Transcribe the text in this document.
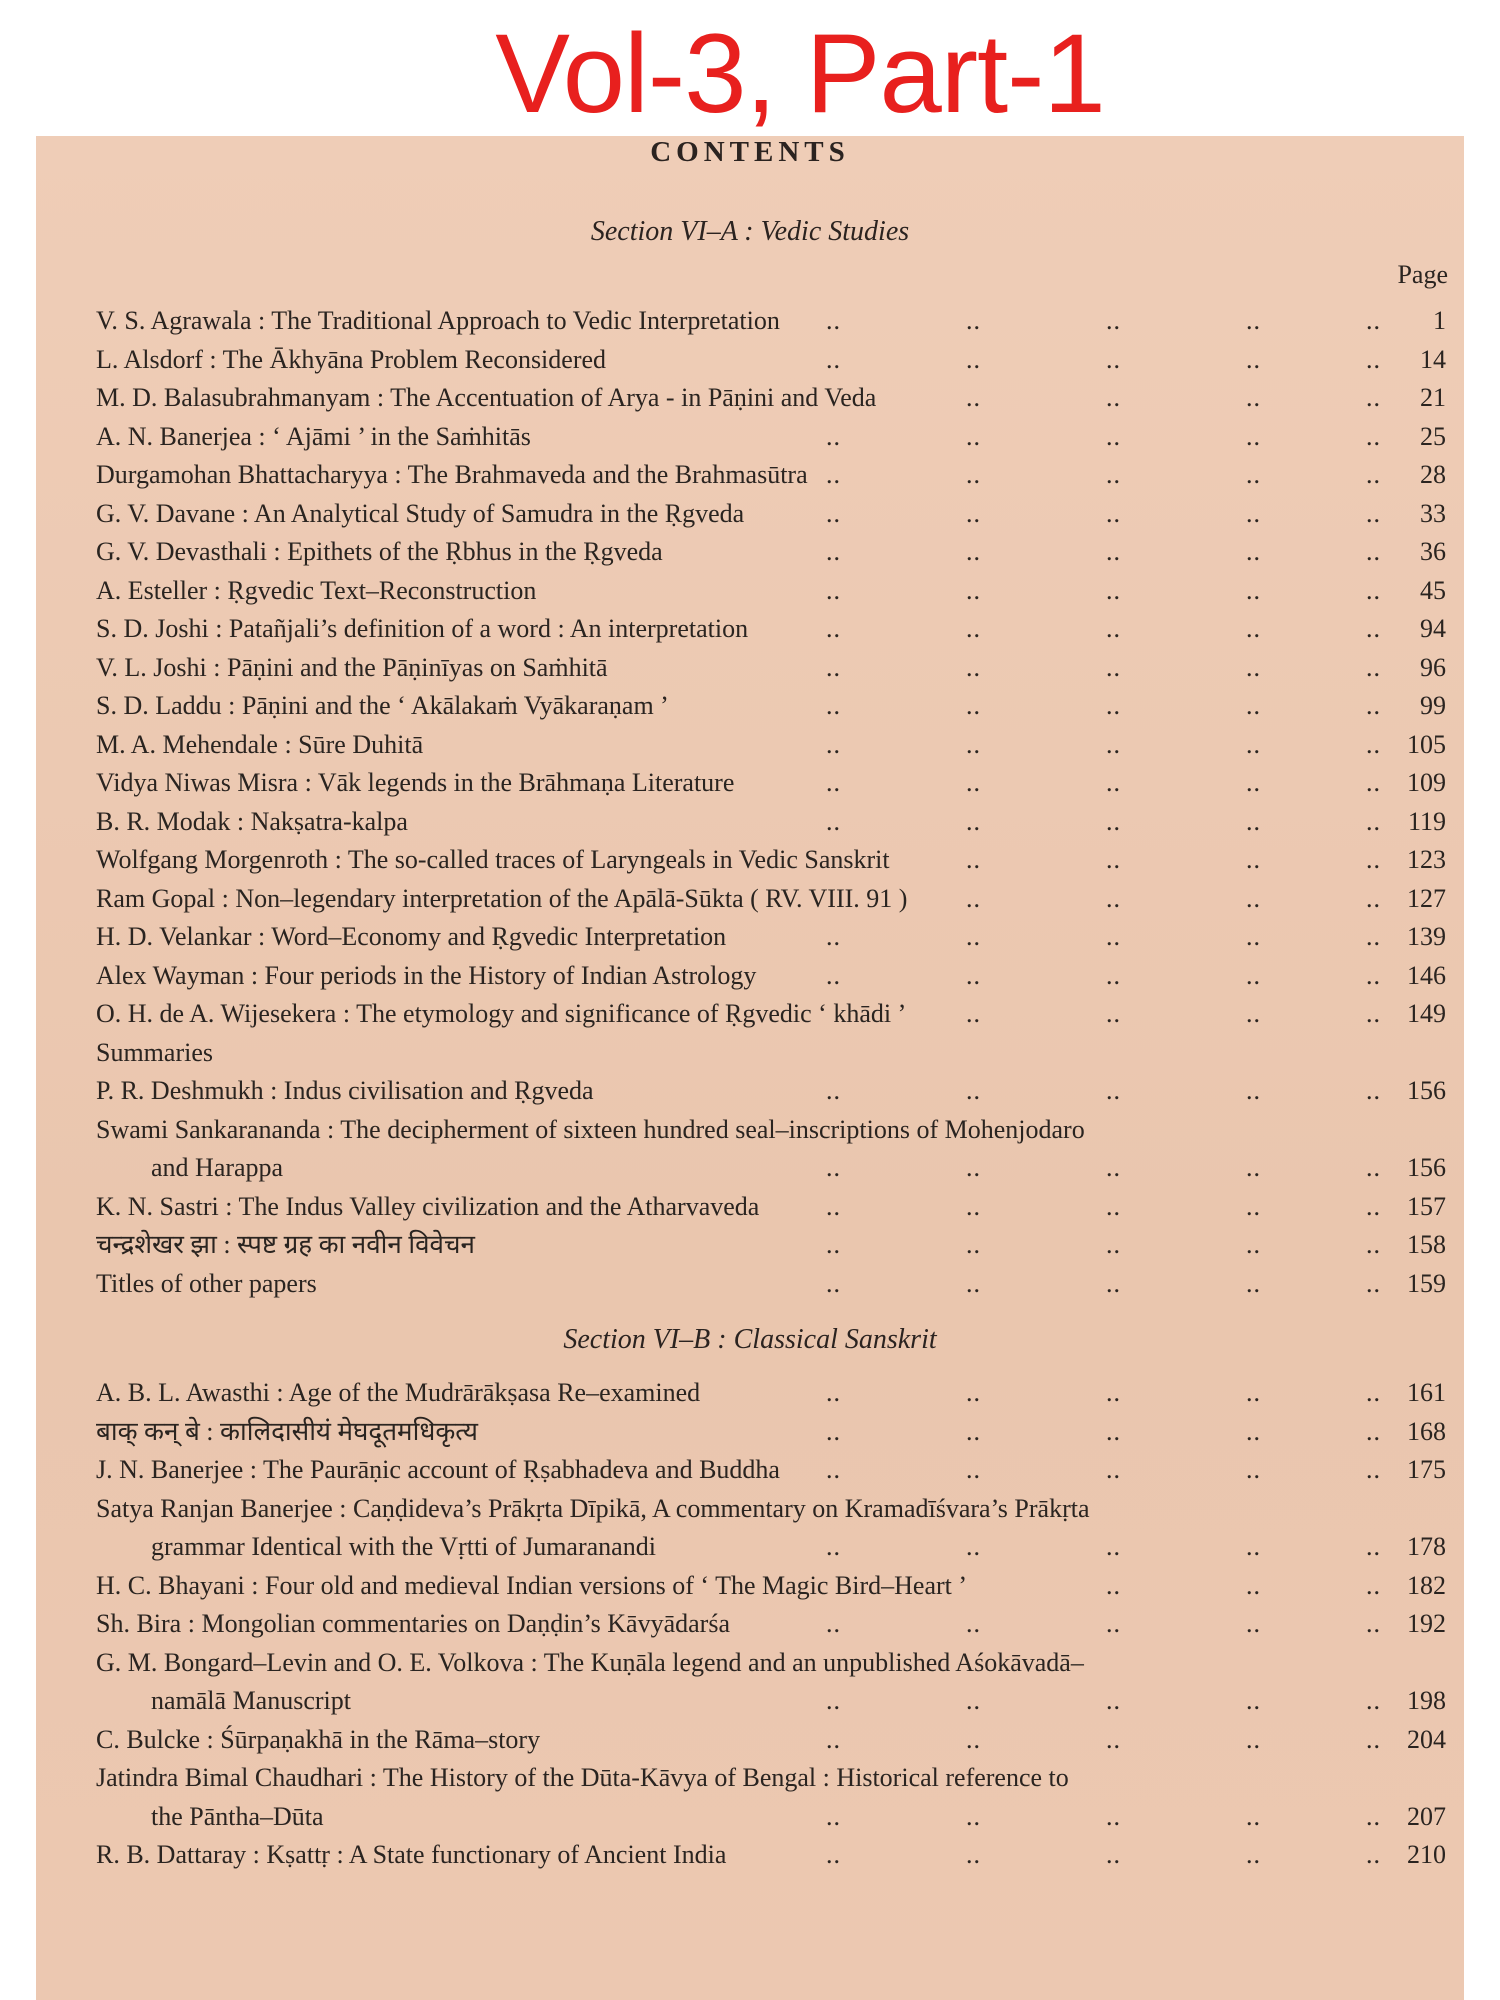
Vol-3, Part-1
CONTENTS
Section VI–A : Vedic Studies
Page
..	..	..	..	..
V. S. Agrawala : The Traditional Approach to Vedic Interpretation	1
..	..	..	..	..
L. Alsdorf : The Ākhyāna Problem Reconsidered	14
..	..	..	..
M. D. Balasubrahmanyam : The Accentuation of Arya - in Pāṇini and Veda	21
..	..	..	..	..
A. N. Banerjea : ‘ Ajāmi ’ in the Saṁhitās	25
..	..	..	..	..
Durgamohan Bhattacharyya : The Brahmaveda and the Brahmasūtra	28
..	..	..	..	..
G. V. Davane : An Analytical Study of Samudra in the Ṛgveda	33
..	..	..	..	..
G. V. Devasthali : Epithets of the Ṛbhus in the Ṛgveda	36
..	..	..	..	..
A. Esteller : Ṛgvedic Text–Reconstruction	45
..	..	..	..	..
S. D. Joshi : Patañjali’s definition of a word : An interpretation	94
..	..	..	..	..
V. L. Joshi : Pāṇini and the Pāṇinīyas on Saṁhitā	96
..	..	..	..	..
S. D. Laddu : Pāṇini and the ‘ Akālakaṁ Vyākaraṇam ’	99
..	..	..	..	..
M. A. Mehendale : Sūre Duhitā	105
..	..	..	..	..
Vidya Niwas Misra : Vāk legends in the Brāhmaṇa Literature	109
..	..	..	..	..
B. R. Modak : Nakṣatra-kalpa	119
..	..	..	..
Wolfgang Morgenroth : The so-called traces of Laryngeals in Vedic Sanskrit	123
..	..	..	..
Ram Gopal : Non–legendary interpretation of the Apālā-Sūkta ( RV. VIII. 91 )	127
..	..	..	..	..
H. D. Velankar : Word–Economy and Ṛgvedic Interpretation	139
..	..	..	..	..
Alex Wayman : Four periods in the History of Indian Astrology	146
..	..	..	..
O. H. de A. Wijesekera : The etymology and significance of Ṛgvedic ‘ khādi ’	149
Summaries
..	..	..	..	..
P. R. Deshmukh : Indus civilisation and Ṛgveda	156
Swami Sankarananda : The decipherment of sixteen hundred seal–inscriptions of Mohenjodaro
..	..	..	..	..
and Harappa	156
..	..	..	..	..
K. N. Sastri : The Indus Valley civilization and the Atharvaveda	157
..	..	..	..	..
चन्द्रशेखर झा : स्पष्ट ग्रह का नवीन विवेचन	158
..	..	..	..	..
Titles of other papers	159
Section VI–B : Classical Sanskrit
..	..	..	..	..
A. B. L. Awasthi : Age of the Mudrārākṣasa Re–examined	161
..	..	..	..	..
बाक् कन् बे : कालिदासीयं मेघदूतमधिकृत्य	168
..	..	..	..	..
J. N. Banerjee : The Paurāṇic account of Ṛṣabhadeva and Buddha	175
Satya Ranjan Banerjee : Caṇḍideva’s Prākṛta Dīpikā, A commentary on Kramadīśvara’s Prākṛta
..	..	..	..	..
grammar Identical with the Vṛtti of Jumaranandi	178
..	..	..
H. C. Bhayani : Four old and medieval Indian versions of ‘ The Magic Bird–Heart ’	182
..	..	..	..	..
Sh. Bira : Mongolian commentaries on Daṇḍin’s Kāvyādarśa	192
G. M. Bongard–Levin and O. E. Volkova : The Kuṇāla legend and an unpublished Aśokāvadā–
..	..	..	..	..
namālā Manuscript	198
..	..	..	..	..
C. Bulcke : Śūrpaṇakhā in the Rāma–story	204
Jatindra Bimal Chaudhari : The History of the Dūta-Kāvya of Bengal : Historical reference to
..	..	..	..	..
the Pāntha–Dūta	207
..	..	..	..	..
R. B. Dattaray : Kṣattṛ : A State functionary of Ancient India	210
